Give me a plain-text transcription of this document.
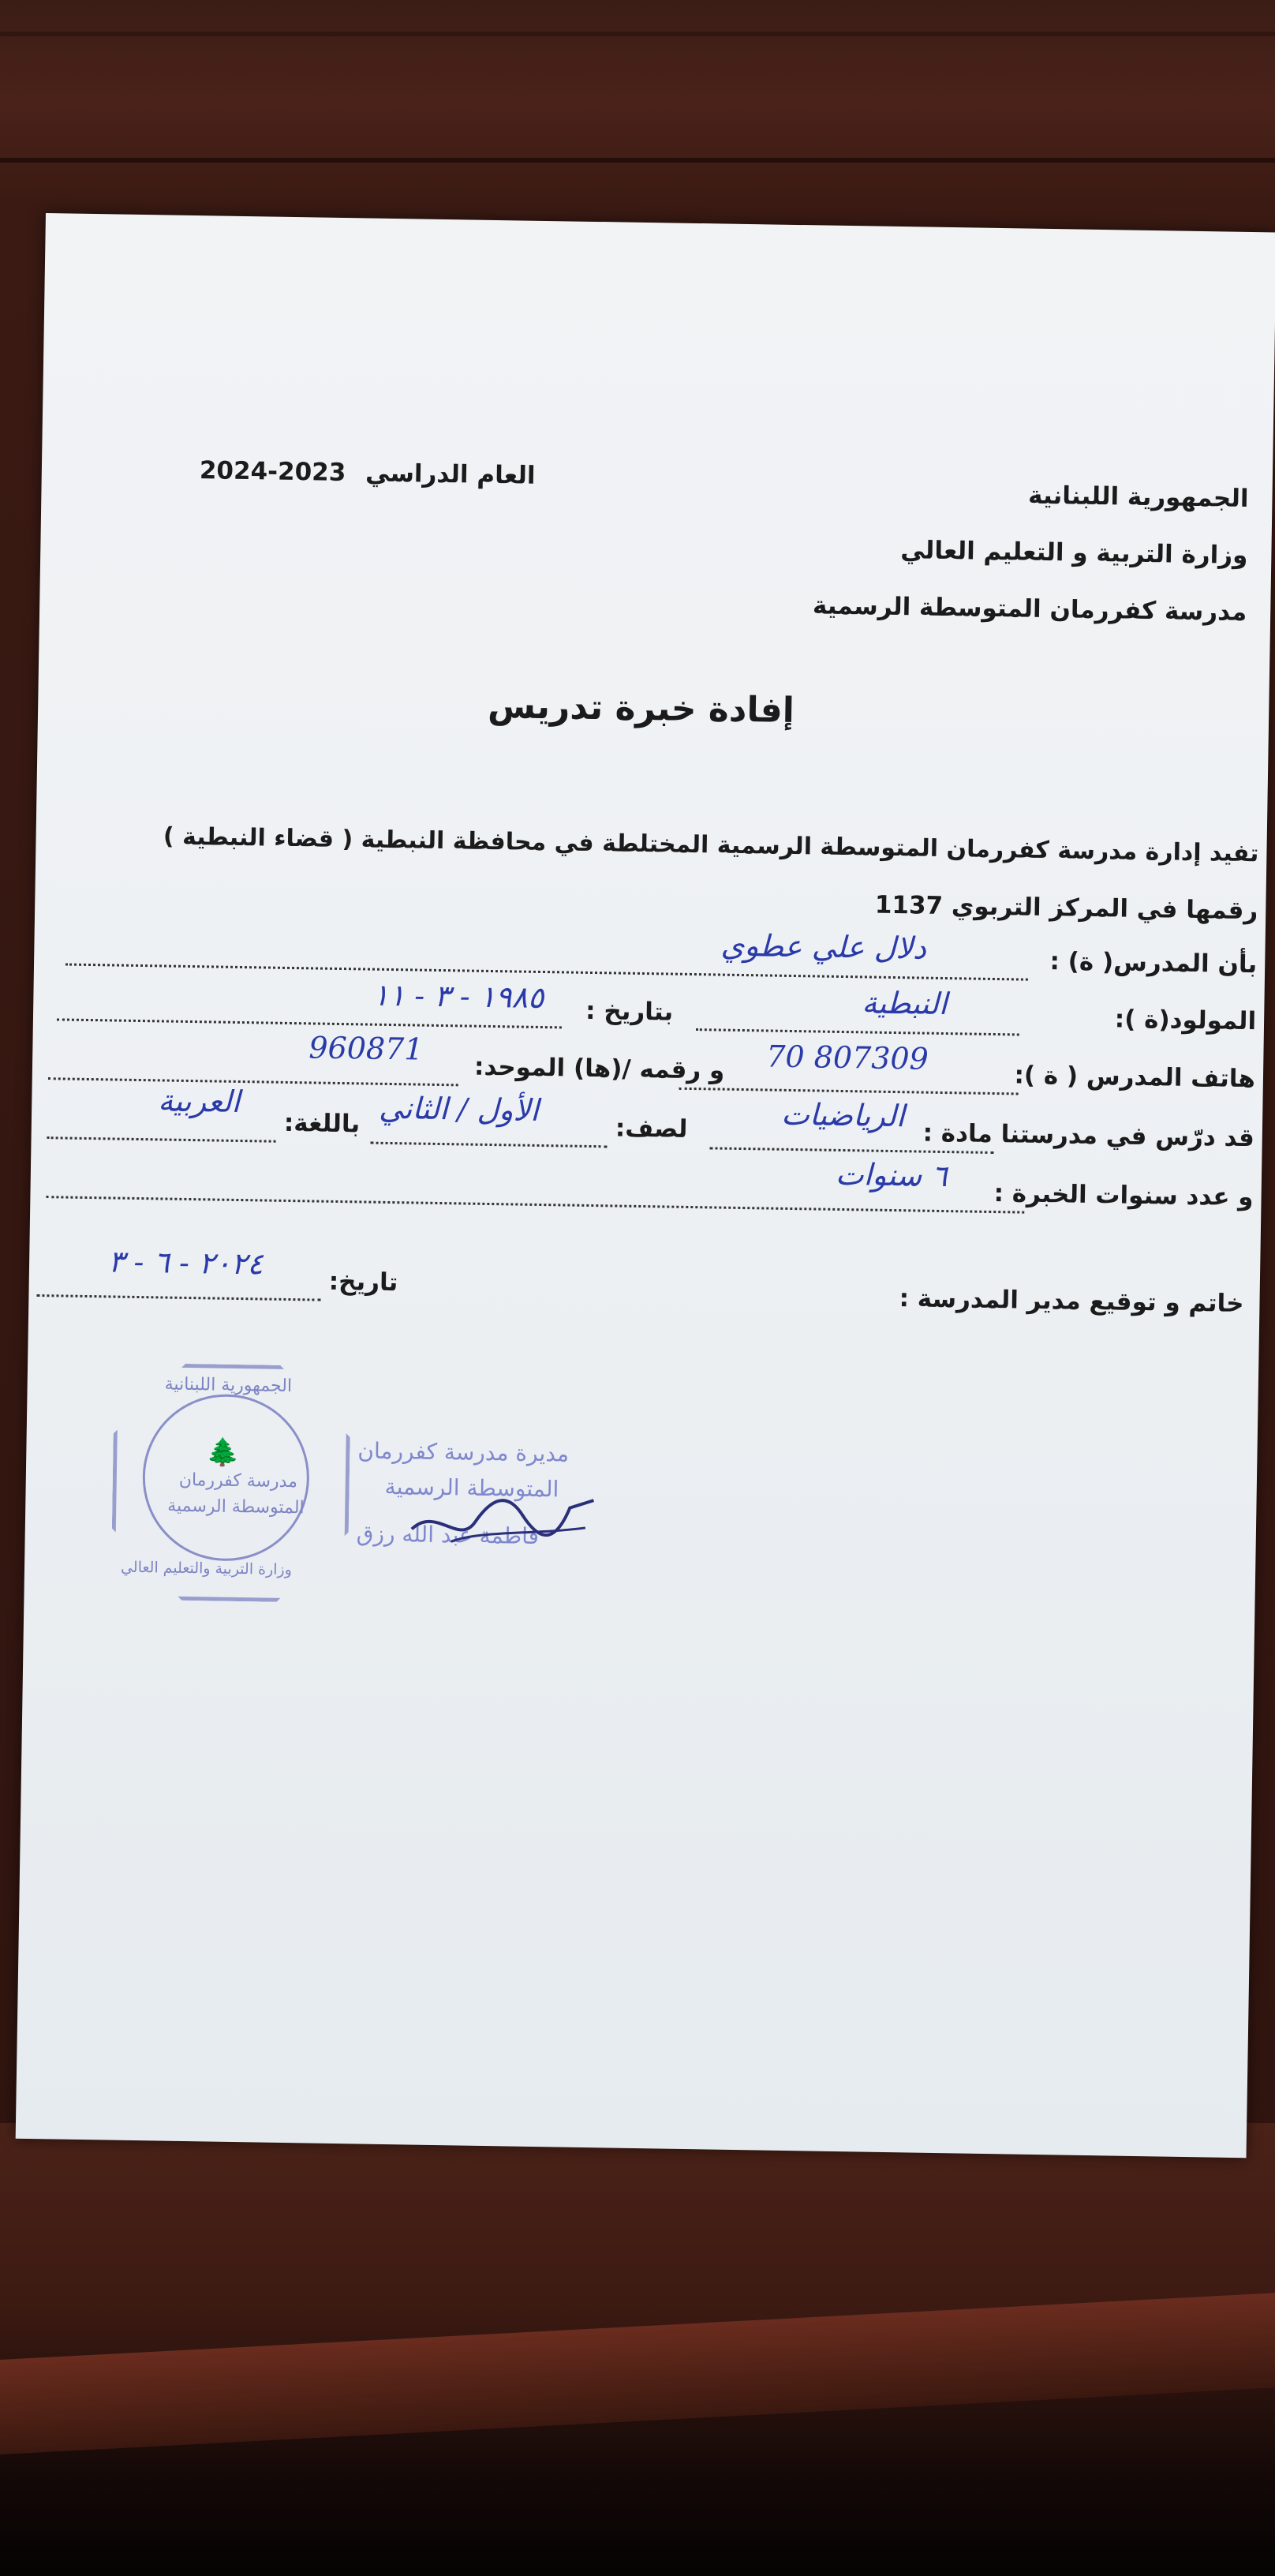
الجمهورية اللبنانية
وزارة التربية و التعليم العالي
مدرسة كفررمان المتوسطة الرسمية
2024-2023 العام الدراسي
إفادة خبرة تدريس
تفيد إدارة مدرسة كفررمان المتوسطة الرسمية المختلطة في محافظة النبطية ( قضاء النبطية )
رقمها في المركز التربوي 1137
بأن المدرس( ة) :
دلال علي عطوي
المولود(ة ):
النبطية
بتاريخ :
١٩٨٥ - ٣ - ١١
هاتف المدرس ( ة ):
70 807309
و رقمه /(ها) الموحد:
960871
قد درّس في مدرستنا مادة :
الرياضيات
لصف:
الأول / الثاني
باللغة:
العربية
و عدد سنوات الخبرة :
٦ سنوات
خاتم و توقيع مدير المدرسة :
تاريخ:
٢٠٢٤ - ٦ - ٣
الجمهورية اللبنانية
🌲
مدرسة كفررمان
المتوسطة الرسمية
وزارة التربية والتعليم العالي
مديرة مدرسة كفررمان
المتوسطة الرسمية
فاطمة عبد الله رزق
